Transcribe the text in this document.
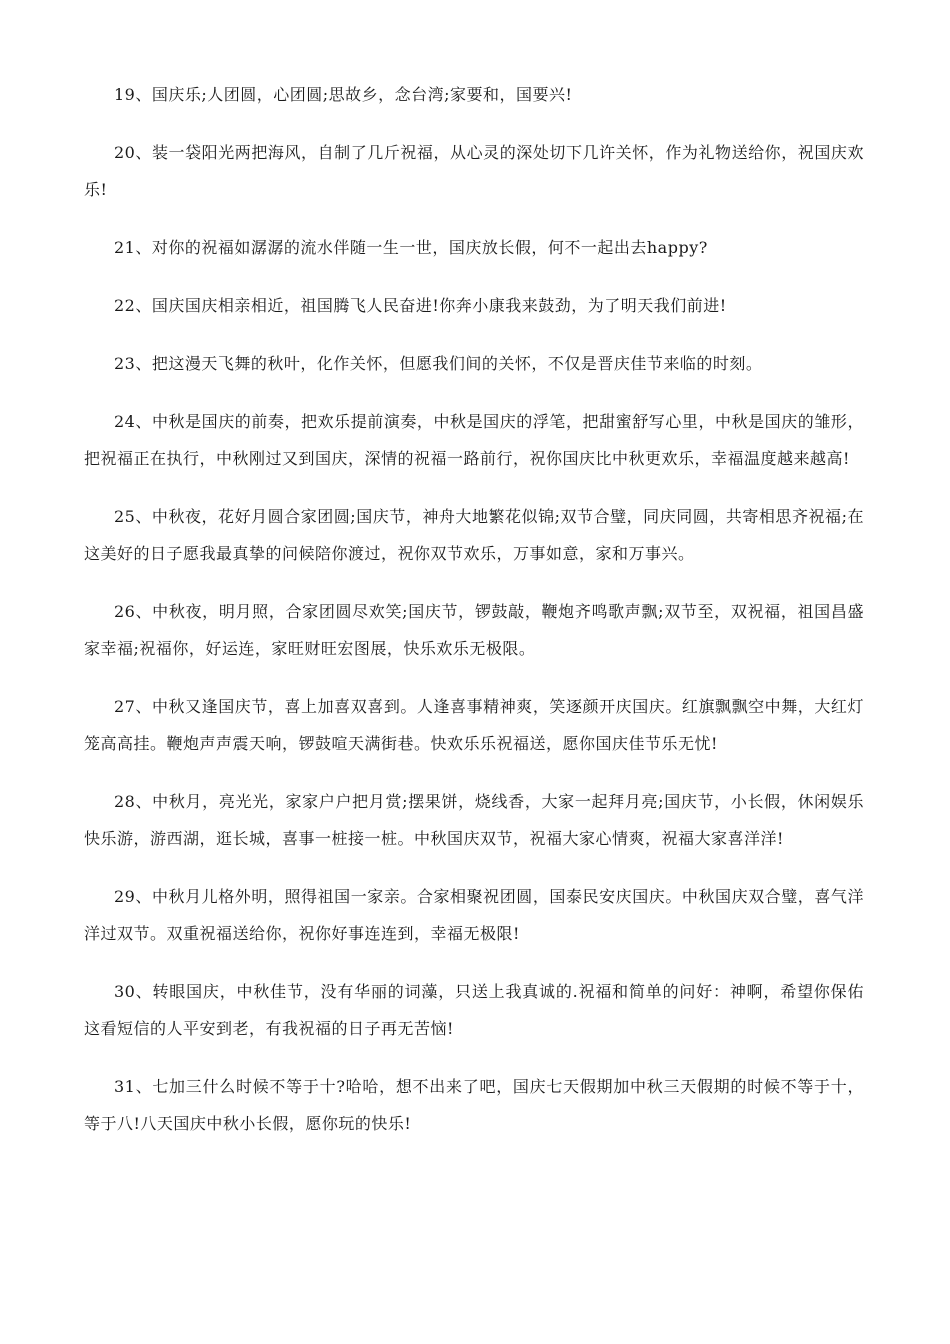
19、国庆乐;人团圆，心团圆;思故乡，念台湾;家要和，国要兴!

20、装一袋阳光两把海风，自制了几斤祝福，从心灵的深处切下几许关怀，作为礼物送给你，祝国庆欢乐!

21、对你的祝福如潺潺的流水伴随一生一世，国庆放长假，何不一起出去happy?

22、国庆国庆相亲相近，祖国腾飞人民奋进!你奔小康我来鼓劲，为了明天我们前进!

23、把这漫天飞舞的秋叶，化作关怀，但愿我们间的关怀，不仅是晋庆佳节来临的时刻。

24、中秋是国庆的前奏，把欢乐提前演奏，中秋是国庆的浮笔，把甜蜜舒写心里，中秋是国庆的雏形，把祝福正在执行，中秋刚过又到国庆，深情的祝福一路前行，祝你国庆比中秋更欢乐，幸福温度越来越高!

25、中秋夜，花好月圆合家团圆;国庆节，神舟大地繁花似锦;双节合璧，同庆同圆，共寄相思齐祝福;在这美好的日子愿我最真挚的问候陪你渡过，祝你双节欢乐，万事如意，家和万事兴。

26、中秋夜，明月照，合家团圆尽欢笑;国庆节，锣鼓敲，鞭炮齐鸣歌声飘;双节至，双祝福，祖国昌盛家幸福;祝福你，好运连，家旺财旺宏图展，快乐欢乐无极限。

27、中秋又逢国庆节，喜上加喜双喜到。人逢喜事精神爽，笑逐颜开庆国庆。红旗飘飘空中舞，大红灯笼高高挂。鞭炮声声震天响，锣鼓喧天满街巷。快欢乐乐祝福送，愿你国庆佳节乐无忧!

28、中秋月，亮光光，家家户户把月赏;摆果饼，烧线香，大家一起拜月亮;国庆节，小长假，休闲娱乐快乐游，游西湖，逛长城，喜事一桩接一桩。中秋国庆双节，祝福大家心情爽，祝福大家喜洋洋!

29、中秋月儿格外明，照得祖国一家亲。合家相聚祝团圆，国泰民安庆国庆。中秋国庆双合璧，喜气洋洋过双节。双重祝福送给你，祝你好事连连到，幸福无极限!

30、转眼国庆，中秋佳节，没有华丽的词藻，只送上我真诚的.祝福和简单的问好：神啊，希望你保佑这看短信的人平安到老，有我祝福的日子再无苦恼!

31、七加三什么时候不等于十?哈哈，想不出来了吧，国庆七天假期加中秋三天假期的时候不等于十，等于八!八天国庆中秋小长假，愿你玩的快乐!
